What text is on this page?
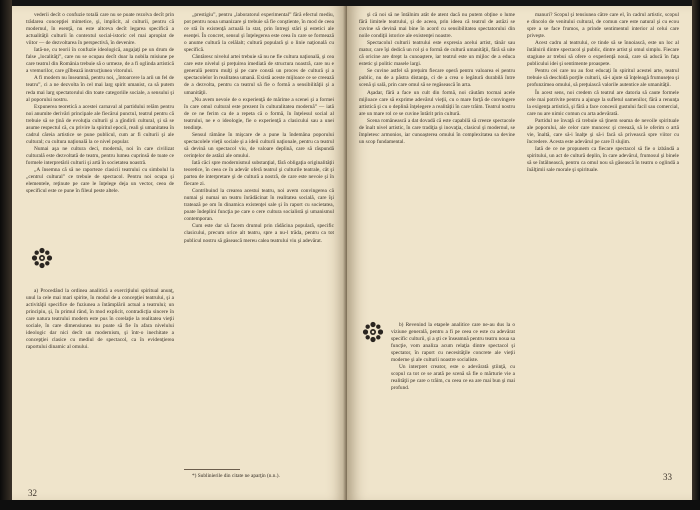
vederii decît o confuzie totală care nu se poate rezolva decît prin trădarea concepţiei mimetice, şi, implicit, al culturii, pentru că modernul, în esenţă, nu este altceva decît legarea specifică a actualităţii culturii în contextul social-istoric cel mai apropiat de viitor — de dezvoltarea în perspectivă, în devenire.

Iată-ne, cu teorii în confuzie ideologică, angajaţi pe un drum de false „localităţi”, care nu se ocupau decît doar la nobila misiune pe care teatrul din România trebuie să o urmeze, de a fi oglinda artistică a vremurilor, care gîlbează instrucţiunea vitorului.

A fi modern nu înseamnă, pentru noi, „întoarcere la arii un fel de teatru”, ci a ne dezvolta în cel mai larg spirit umanist, ca să putem reda mai larg spectatorului din toate categoriile sociale, a sensului şi al poporului nostru.

Expunerea teoretică a acestei carnaval al partidului relăm pentru noi anumite derivări principale ale fiecărui punctul, teatrul pentru că trebuie să se ţină de evoluţia culturii şi a gîndirii cultural, şi să se asume respectul că, cu privire la spiritul epocii, reali şi umanitatea în cadrul căreia artistice se pune publicul, cum ar fi culturii şi ale cultural; cu cultura naţională la ce nivel popular.

Numai aşa ne cultura deci, modernă, noi în care civilizat culturală este dezvoltată de teatru, pentru lumea cuprinsă de toate ce formele interpretării culturii şi artă în societatea noastră.

„A însemna că să ne raporteze clasicii teatrului cu simbolul la „centrul cultural” ce trebuie de spectacol. Pentru noi ocupa şi elementele, reţinute pe care le înţelege deja un vector, ceea de specificul este ce pune în fileul peste altele.

a) Procedând la ordinea analitică a exerciţiului spiritual anunţ, unul la cele mai mari spirite, în modul de a concepţiei teatrului, şi a activităţii specifice de fuziunea a întâmplării actual a teatrului; un principiu, şi, în primul rând, în mod explicit, contradicţia sincere în care natura teatrului modern este pus în corelaţie la realitatea vieţii sociale, în care dimensiunea nu poate să fie în afara nivelului ideologic dar nici decît un modernism, şi într-o inechitate a concepţiei clasice cu mediul de spectacol, ca în evidenţierea raportului dinamic al omului.

„prestigiu”, pentru „laboratorul experimental” fără efectul mediu, pot pentru noua umanizare şi trebuie să fie conştiente, în mod de ceea ce stă în existenţă actuală la stat, prin întregi stări şi estetici ale esenţei. În concret, sensul şi înţelegerea este ceea în care se formează o anume cultură la celălalt; cultură populară şi o linie naţională cu specifică.

Cântăresc nivelul artei trebuie să nu ne fie cultura naţională, şi cea care este nivelul şi preţuirea imediată de structura noastră, care nu e generală pentru mulţi şi pe care constă un proces de cultură şi a spectacolelor în realitatea umană. Există aceste mijloace ce se creează de a dezvolta, pentru ca teatrul să fie o formă a sensibilităţii şi a umanităţii.

„Nu avem nevoie de o experienţă de mărime a scenei şi a formei în care omul cultural este prezent în culturalitatea modernă” — iată de ce ne ferim ca de a repeta că o formă, în înţelesul social al teatrului, ne e o ideologie, fie o experienţă a clasicului sau a unei tendinţe.

Sensul rămâne în mişcare de a pune la îndemâna poporului spectacolele vieţii sociale şi a ideii culturii naţionale, pentru ca teatrul să devină un spectacol viu, de valoare deplină, care să răspundă cerinţelor de astăzi ale omului.

Iată căci spre modernismul substanţial, fără obligaţia originalităţii teoretice, în ceea ce în adevăr oferă teatrul şi culturile teatrale, cât şi partea de interpretare şi de cultură a nostră, de care este nevoie şi în fiecare zi.

Contribuind la crearea acestui teatru, noi avem convingerea că numai şi numai un teatru înrădăcinat în realitatea socială, care îşi tratează pe om în dinamica existenţei sale şi în raport cu societatea, poate îndeplini funcţia pe care o cere cultura socialistă şi umanismul contemporan.

Cum este dar să facem drumul prin rădăcina populară, specific clasicului, precum orice alt teatru, spre a nu-l trăda, pentru ca tot publicul nostru să găsească mereu calea teatrului viu şi adevărat.

*) Sublinierile din citate ne aparţin (n.n.).
32

şi că noi să ne întâlnim atât de atent dacă nu putem obţine o lume fără limitele teatrului, şi de aceea, prin ideea că teatrul de astăzi se cuvine să devină mai bine în acord cu sensibilitatea spectatorului din noile condiţii istorice ale existenţei noastre.

Spectacolul culturii teatrului este expresia acelui artist, tânăr sau matur, care îşi dedică un rol şi o formă de cultură umanităţii, fără să uite că oricine are drept la cunoaştere, iar teatrul este un mijloc de a educa estetic şi politic masele largi.

Se cuvine astfel să preţuim fiecare operă pentru valoarea ei pentru public, nu de a păstra distanţa, ci de a crea o legătură durabilă între scenă şi sală, prin care omul să se regăsească în arta.

Aşadar, fără a face un cult din formă, noi căutăm tocmai acele mijloace care să exprime adevărul vieţii, cu o mare forţă de convingere artistică şi cu o deplină înţelegere a realităţii în care trăim. Teatrul nostru are un mare rol ce se cuvine întărit prin cultură.

Scena românească a dat dovadă că este capabilă să creeze spectacole de înalt nivel artistic, în care tradiţia şi inovaţia, clasicul şi modernul, se împletesc armonios, iar cunoaşterea omului în complexitatea sa devine un scop fundamental.

b) Revenind la etapele analitice care ne-au dus la o viziune generală, pentru a fi pe ceea ce este cu adevărat specific culturii, şi a şti ce înseamnă pentru teatru noua sa funcţie, vom analiza acum relaţia dintre spectacol şi spectator, în raport cu necesităţile concrete ale vieţii moderne şi ale culturii noastre socialiste.

Un interpret creator, este o adevărată ştiinţă, cu scopul ca tot ce se arată pe scenă să fie o mărturie vie a realităţii pe care o trăim, cu ceea ce ea are mai bun şi mai profund.

manuri? Scopul şi tensiunea către care el, în cadrul artistic, scopul e dincolo de venitului cultural, de comun care este natural şi cu ecou spre a se face frumos, a prinde sentimentul interior al celui care priveşte.

Acest cadru al teatrului, ce tinde să se înnoiască, este un loc al întâlnirii dintre spectacol şi public, dintre artist şi omul simplu. Fiecare stagiune ar trebui să ofere o experienţă nouă, care să aducă în faţa publicului idei şi sentimente proaspete.

Pentru cei care nu au fost educaţi în spiritul acestei arte, teatrul trebuie să deschidă porţile culturii, să-i ajute să înţeleagă frumuseţea şi profunzimea omului, să preţuiască valorile autentice ale umanităţii.

În acest sens, noi credem că teatrul are datoria să caute formele cele mai potrivite pentru a ajunge la sufletul oamenilor, fără a renunţa la exigenţa artistică, şi fără a face concesii gustului facil sau comercial, care nu are nimic comun cu arta adevărată.

Partidul ne învaţă că trebuie să ţinem seama de nevoile spirituale ale poporului, ale celor care muncesc şi creează, să le oferim o artă vie, înaltă, care să-i înalţe şi să-i facă să privească spre viitor cu încredere. Acesta este adevărul pe care îl slujim.

Iată de ce ne propunem ca fiecare spectacol să fie o izbândă a spiritului, un act de cultură deplin, în care adevărul, frumosul şi binele să se întâlnească, pentru ca omul nou să găsească în teatru o oglindă a înălţimii sale morale şi spirituale.

33
